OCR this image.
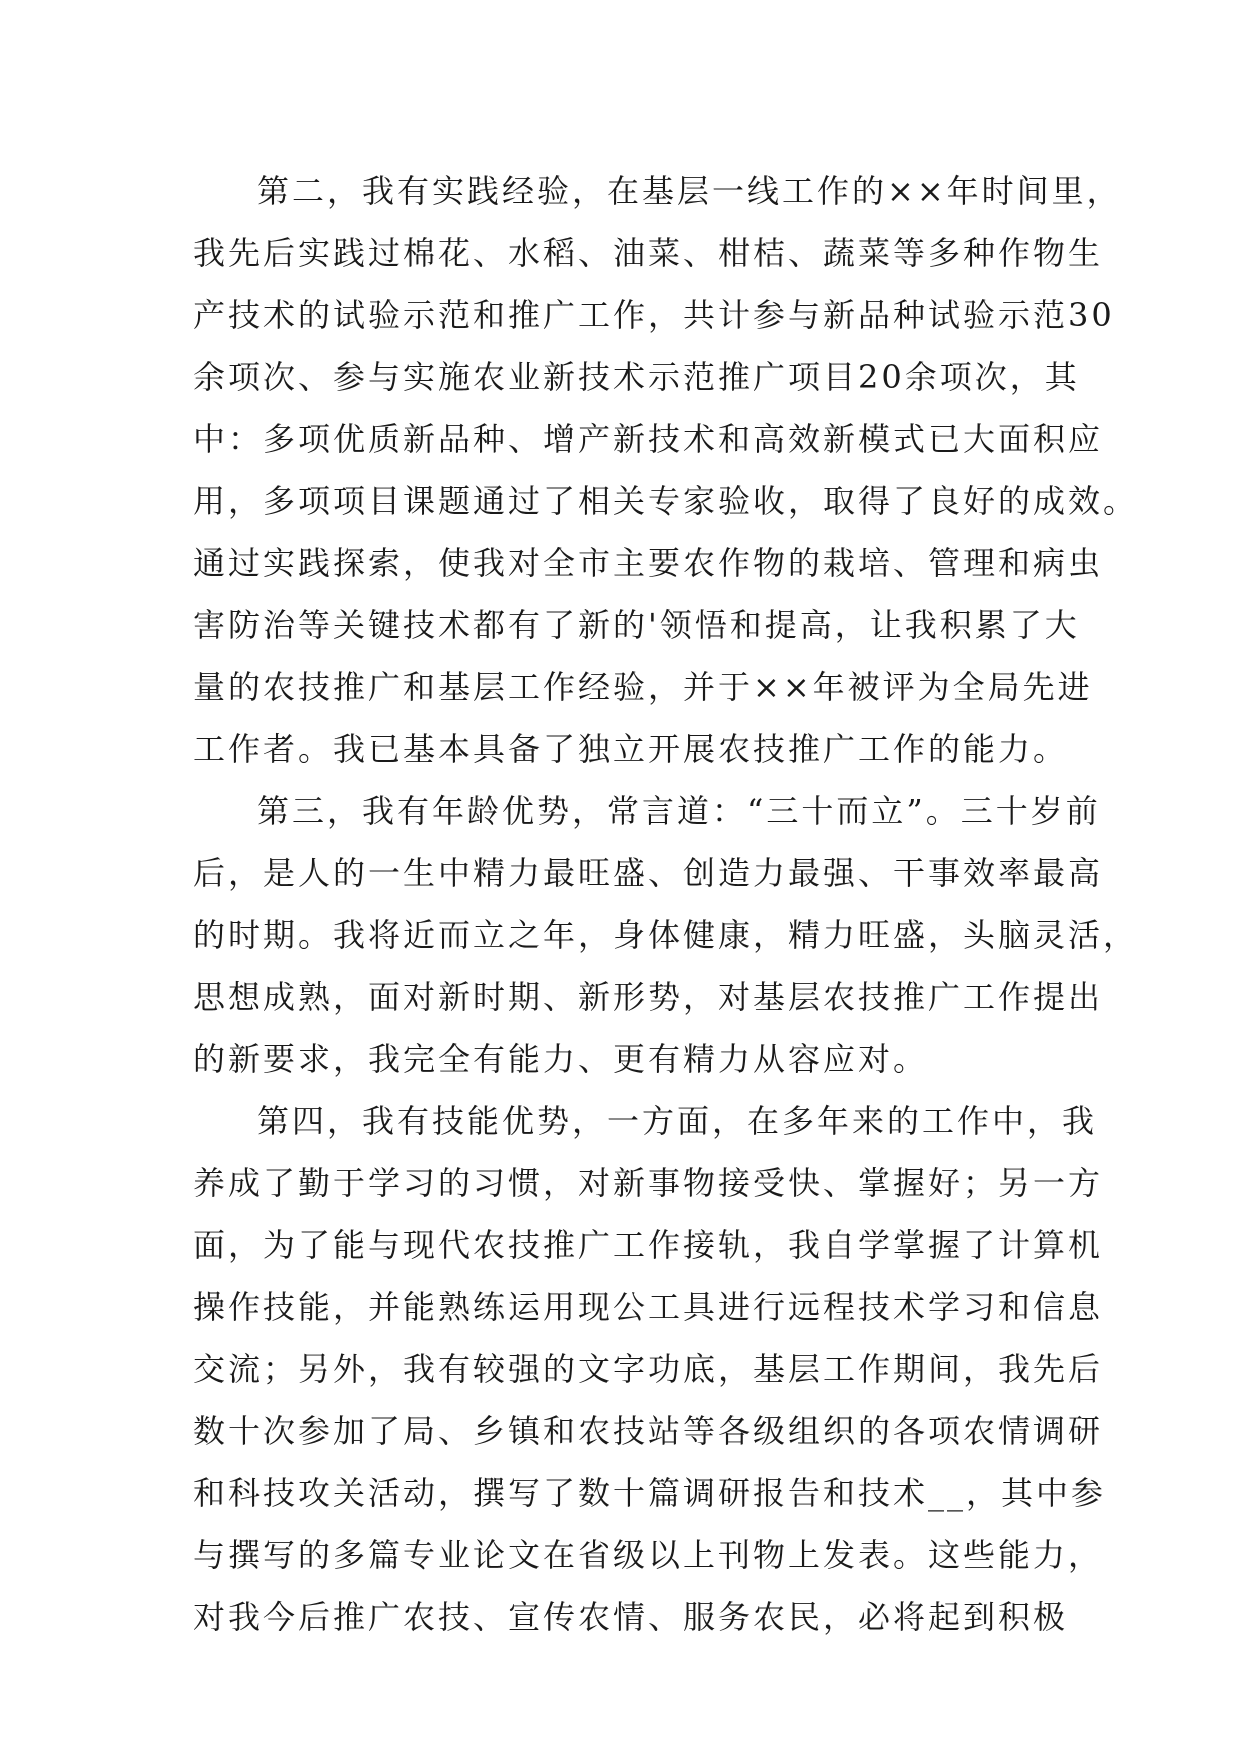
第二，我有实践经验，在基层一线工作的××年时间里，
我先后实践过棉花、水稻、油菜、柑桔、蔬菜等多种作物生
产技术的试验示范和推广工作，共计参与新品种试验示范30
余项次、参与实施农业新技术示范推广项目20余项次，其
中：多项优质新品种、增产新技术和高效新模式已大面积应
用，多项项目课题通过了相关专家验收，取得了良好的成效。
通过实践探索，使我对全市主要农作物的栽培、管理和病虫
害防治等关键技术都有了新的'领悟和提高，让我积累了大
量的农技推广和基层工作经验，并于××年被评为全局先进
工作者。我已基本具备了独立开展农技推广工作的能力。
第三，我有年龄优势，常言道：“三十而立”。三十岁前
后，是人的一生中精力最旺盛、创造力最强、干事效率最高
的时期。我将近而立之年，身体健康，精力旺盛，头脑灵活，
思想成熟，面对新时期、新形势，对基层农技推广工作提出
的新要求，我完全有能力、更有精力从容应对。
第四，我有技能优势，一方面，在多年来的工作中，我
养成了勤于学习的习惯，对新事物接受快、掌握好；另一方
面，为了能与现代农技推广工作接轨，我自学掌握了计算机
操作技能，并能熟练运用现公工具进行远程技术学习和信息
交流；另外，我有较强的文字功底，基层工作期间，我先后
数十次参加了局、乡镇和农技站等各级组织的各项农情调研
和科技攻关活动，撰写了数十篇调研报告和技术__，其中参
与撰写的多篇专业论文在省级以上刊物上发表。这些能力，
对我今后推广农技、宣传农情、服务农民，必将起到积极
